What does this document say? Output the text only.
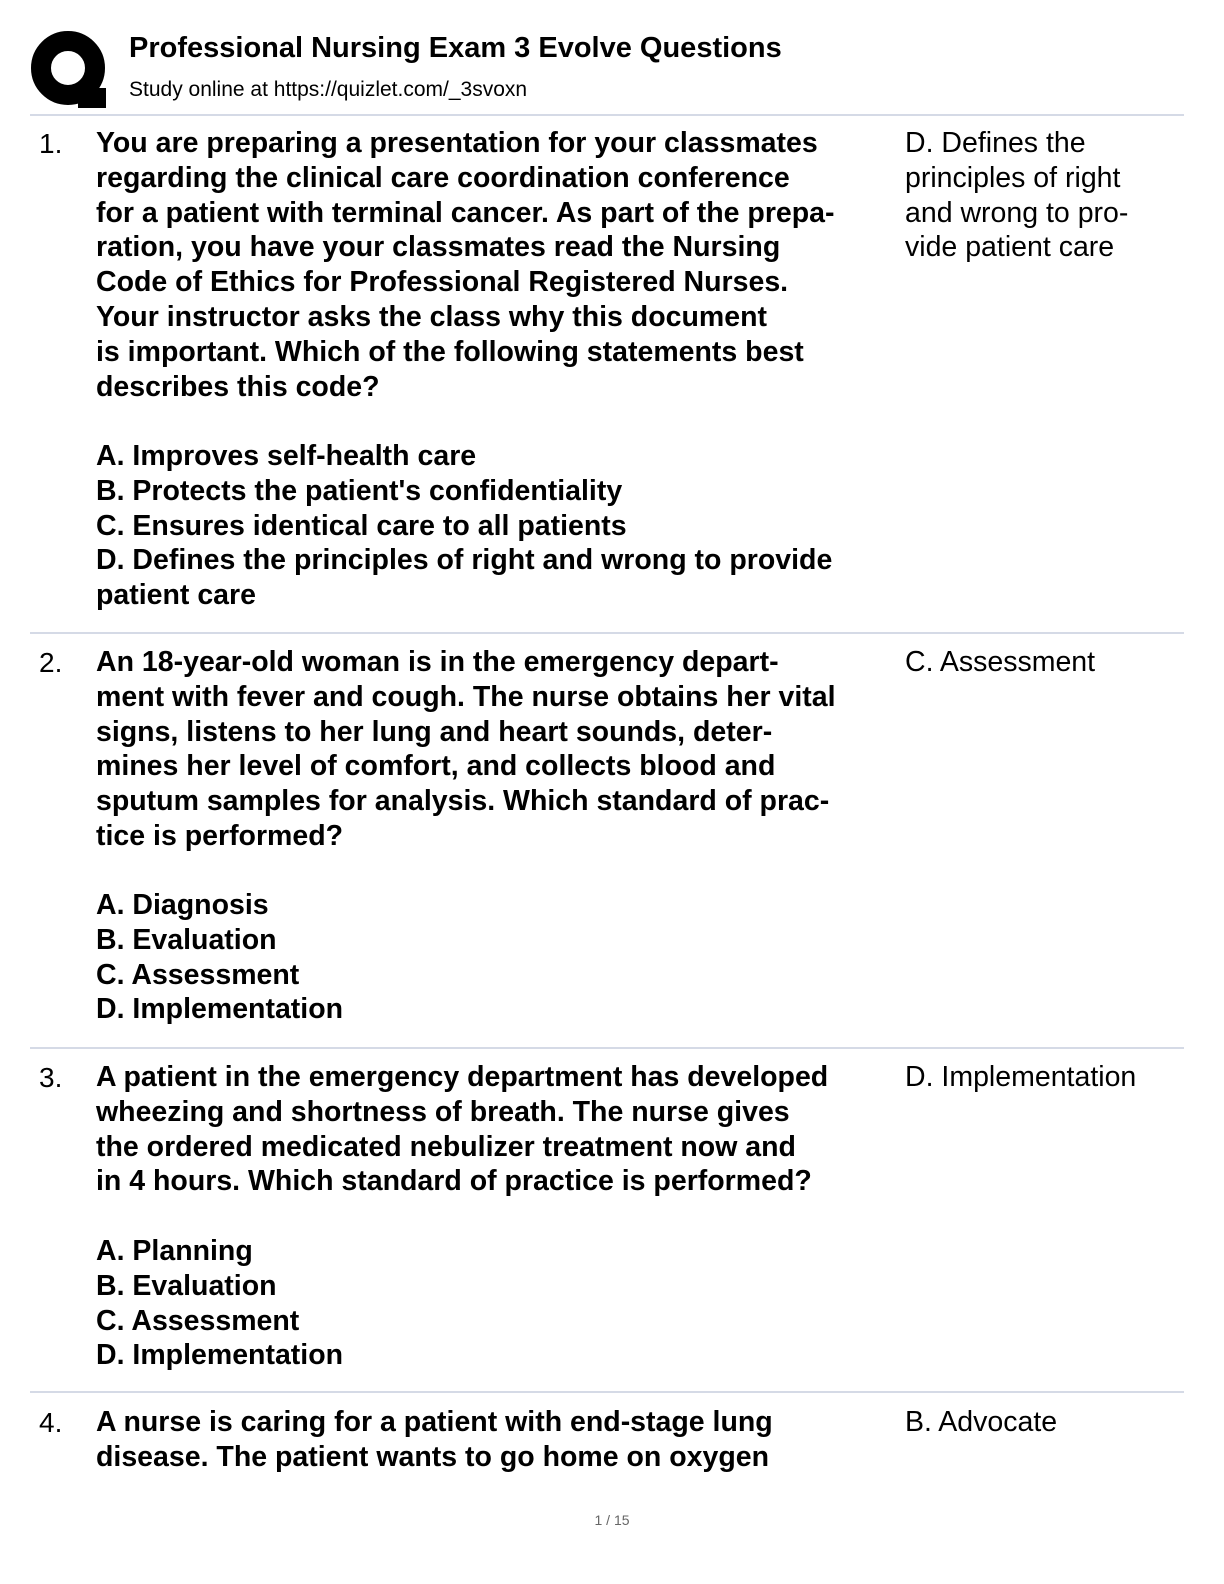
Professional Nursing Exam 3 Evolve Questions
Study online at https://quizlet.com/_3svoxn
1. You are preparing a presentation for your classmates
regarding the clinical care coordination conference
for a patient with terminal cancer. As part of the prepa-
ration, you have your classmates read the Nursing
Code of Ethics for Professional Registered Nurses.
Your instructor asks the class why this document
is important. Which of the following statements best
describes this code?
D. Defines the
principles of right
and wrong to pro-
vide patient care
A. Improves self-health care
B. Protects the patient's confidentiality
C. Ensures identical care to all patients
D. Defines the principles of right and wrong to provide
patient care
2. An 18-year-old woman is in the emergency depart-
ment with fever and cough. The nurse obtains her vital
signs, listens to her lung and heart sounds, deter-
mines her level of comfort, and collects blood and
sputum samples for analysis. Which standard of prac-
tice is performed?
C. Assessment
A. Diagnosis
B. Evaluation
C. Assessment
D. Implementation
3. A patient in the emergency department has developed
wheezing and shortness of breath. The nurse gives
the ordered medicated nebulizer treatment now and
in 4 hours. Which standard of practice is performed?
D. Implementation
A. Planning
B. Evaluation
C. Assessment
D. Implementation
4. A nurse is caring for a patient with end-stage lung
disease. The patient wants to go home on oxygen
B. Advocate
1 / 15
